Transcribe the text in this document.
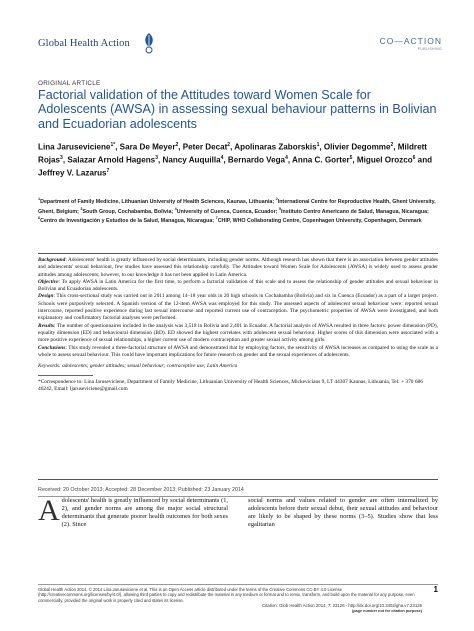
Global Health Action	CO—ACTION
PUBLISHING
ORIGINAL ARTICLE
Factorial validation of the Attitudes toward Women Scale for Adolescents (AWSA) in assessing sexual behaviour patterns in Bolivian and Ecuadorian adolescents
Lina Jaruseviciene$^{1*}$, Sara De Meyer$^2$, Peter Decat$^2$, Apolinaras Zaborskis$^1$, Olivier Degomme$^2$, Mildrett Rojas$^3$, Salazar Arnold Hagens$^3$, Nancy Auquilla$^4$, Bernardo Vega$^4$, Anna C. Gorter$^5$, Miguel Orozco$^6$ and Jeffrey V. Lazarus$^7$
$^1$Department of Family Medicine, Lithuanian University of Health Sciences, Kaunas, Lithuania; $^2$International Centre for Reproductive Health, Ghent University, Ghent, Belgium; $^3$South Group, Cochabamba, Bolivia; $^4$University of Cuenca, Cuenca, Ecuador; $^5$Instituto Centro Americano de Salud, Managua, Nicaragua; $^6$Centro de Investigación y Estudios de la Salud, Managua, Nicaragua; $^7$CHIP, WHO Collaborating Centre, Copenhagen University, Copenhagen, Denmark

Background: Adolescents' health is greatly influenced by social determinants, including gender norms. Although research has shown that there is an association between gender attitudes and adolescents' sexual behaviour, few studies have assessed this relationship carefully. The Attitudes toward Women Scale for Adolescents (AWSA) is widely used to assess gender attitudes among adolescents; however, to our knowledge it has not been applied in Latin America.

Objective: To apply AWSA in Latin America for the first time, to perform a factorial validation of this scale and to assess the relationship of gender attitudes and sexual behaviour in Bolivian and Ecuadorian adolescents.

Design: This cross-sectional study was carried out in 2011 among 14–18 year olds in 20 high schools in Cochabamba (Bolivia) and six in Cuenca (Ecuador) as a part of a larger project. Schools were purposively selected. A Spanish version of the 12-item AWSA was employed for this study. The assessed aspects of adolescent sexual behaviour were: reported sexual intercourse, reported positive experience during last sexual intercourse and reported current use of contraception. The psychometric properties of AWSA were investigated, and both explanatory and confirmatory factorial analyses were performed.

Results: The number of questionnaires included in the analysis was 3,518 in Bolivia and 2,401 in Ecuador. A factorial analysis of AWSA resulted in three factors: power dimension (PD), equality dimension (ED) and behavioural dimension (BD). ED showed the highest correlates with adolescent sexual behaviour. Higher scores of this dimension were associated with a more positive experience of sexual relationships, a higher current use of modern contraception and greater sexual activity among girls.

Conclusions: This study revealed a three-factorial structure of AWSA and demonstrated that by employing factors, the sensitivity of AWSA increases as compared to using the scale as a whole to assess sexual behaviour. This could have important implications for future research on gender and the sexual experiences of adolescents.

Keywords: adolescents; gender attitudes; sexual behaviour; contraceptive use; Latin America

*Correspondence to: Lina Jaruseviciene, Department of Family Medicine, Lithuanian University of Health Sciences, Mickeviciaus 9, LT 44307 Kaunas, Lithuania, Tel: + 370 686 46242, Email: ljarusevicienе@gmail.com

Received: 20 October 2013; Accepted: 28 December 2013; Published: 23 January 2014
Adolescents' health is greatly influenced by social determinants (1, 2), and gender norms are among the major social structural determinants that generate poorer health outcomes for both sexes (2). Since
social norms and values related to gender are often internalized by adolescents before their sexual debut, their sexual attitudes and behaviour are likely to be shaped by these norms (3–5). Studies show that less egalitarian
Global Health Action 2014. © 2014 Lina Jaruseviciene et al. This is an Open Access article distributed under the terms of the Creative Commons CC-BY 4.0 License (http://creativecommons.org/licenses/by/4.0/), allowing third parties to copy and redistribute the material in any medium or format and to remix, transform, and build upon the material for any purpose, even commercially, provided the original work is properly cited and states its license.
1
Citation: Glob Health Action 2014, 7: 23126 - http://dx.doi.org/10.3402/gha.v7.23126
(page number not for citation purpose)
